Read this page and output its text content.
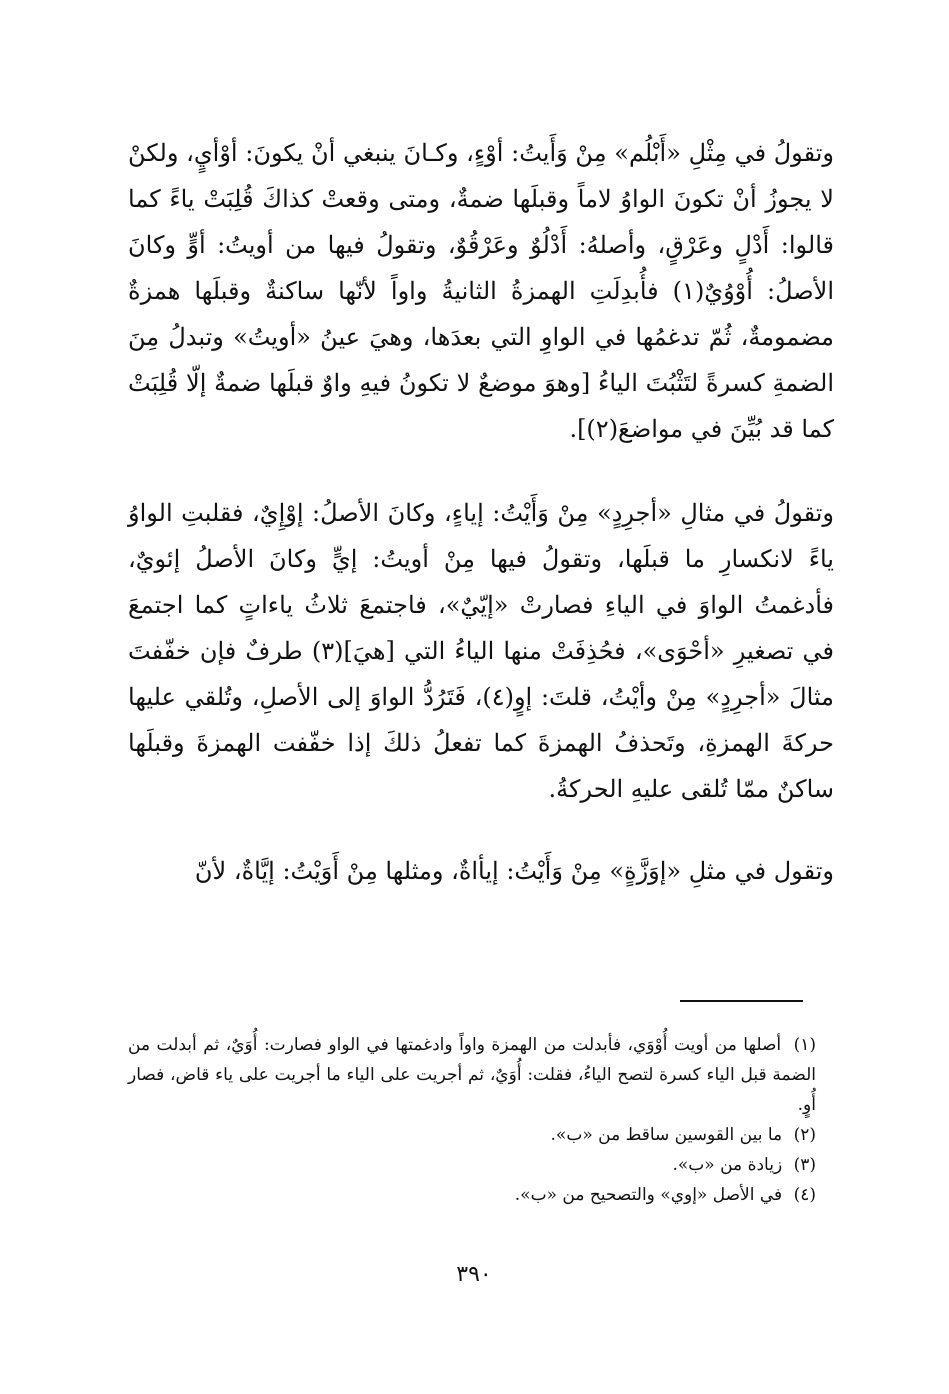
وتقولُ في مِثْلِ «أَبْلُم» مِنْ وَأَيتُ: أوْءٍ، وكـانَ ينبغي أنْ يكونَ: أوْأيٍ، ولكنْ لا يجوزُ أنْ تكونَ الواوُ لاماً وقبلَها ضمةٌ، ومتى وقعتْ كذاكَ قُلِبَتْ ياءً كما قالوا: أَدْلٍ وعَرْقٍ، وأصلهُ: أَدْلُوٌ وعَرْقُوٌ، وتقولُ فيها من أويتُ: أوٍّ وكانَ الأصلُ: أُوْوُيٌ(١) فأُبدِلَتِ الهمزةُ الثانيةُ واواً لأنّها ساكنةٌ وقبلَها همزةٌ مضمومةٌ، ثُمّ تدغمُها في الواوِ التي بعدَها، وهيَ عينُ «أويتُ» وتبدلُ مِنَ الضمةِ كسرةً لتَثْبُتَ الياءُ [وهوَ موضعٌ لا تكونُ فيهِ واوٌ قبلَها ضمةٌ إلّا قُلِبَتْ كما قد بُيِّنَ في مواضعَ(٢)].

وتقولُ في مثالِ «أجرِدٍ» مِنْ وَأَيْتُ: إياءٍ، وكانَ الأصلُ: إوْإِيٌ، فقلبتِ الواوُ ياءً لانكسارِ ما قبلَها، وتقولُ فيها مِنْ أويتُ: إيٍّ وكانَ الأصلُ إئويٌ، فأدغمتُ الواوَ في الياءِ فصارتْ «إيّيٌ»، فاجتمعَ ثلاثُ ياءاتٍ كما اجتمعَ في تصغيرِ «أحْوَى»، فحُذِفَتْ منها الياءُ التي [هيَ](٣) طرفٌ فإن خفّفتَ مثالَ «أجرِدٍ» مِنْ وأيْتُ، قلتَ: إوٍ(٤)، فَتَرُدُّ الواوَ إلى الأصلِ، وتُلقي عليها حركةَ الهمزةِ، وتَحذفُ الهمزةَ كما تفعلُ ذلكَ إذا خفّفت الهمزةَ وقبلَها ساكنٌ ممّا تُلقى عليهِ الحركةُ.

وتقول في مثلِ «إوَزَّةٍ» مِنْ وَأَيْتُ: إيأاةٌ، ومثلها مِنْ أَوَيْتُ: إيَّاةٌ، لأنّ

(١) أصلها من أويت أُوْوَي، فأبدلت من الهمزة واواً وادغمتها في الواو فصارت: أُوَيٌ، ثم أبدلت من الضمة قبل الياء كسرة لتصح الياءُ، فقلت: أُوَيٌ، ثم أجريت على الياء ما أجريت على ياء قاض، فصار أُوٍ.

(٢) ما بين القوسين ساقط من «ب».

(٣) زيادة من «ب».

(٤) في الأصل «إوي» والتصحيح من «ب».

٣٩٠
